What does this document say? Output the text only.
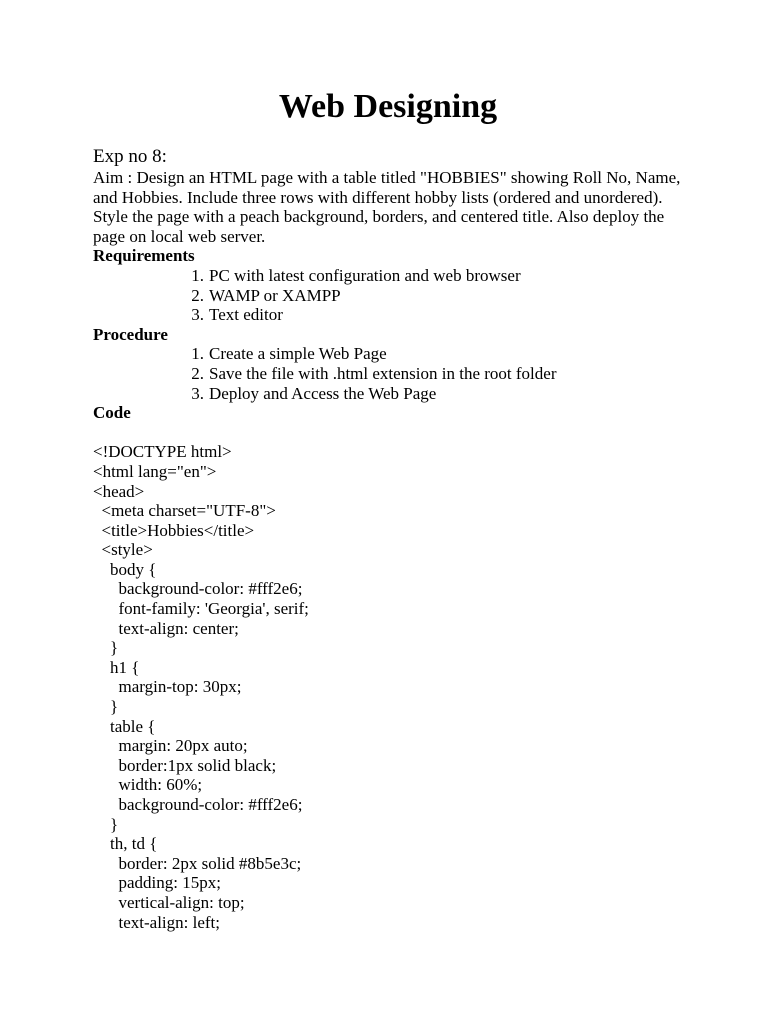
Web Designing

Exp no 8:

Aim : Design an HTML page with a table titled "HOBBIES" showing Roll No, Name, and Hobbies. Include three rows with different hobby lists (ordered and unordered). Style the page with a peach background, borders, and centered title. Also deploy the page on local web server.

Requirements

1. PC with latest configuration and web browser
2. WAMP or XAMPP
3. Text editor

Procedure

1. Create a simple Web Page
2. Save the file with .html extension in the root folder
3. Deploy and Access the Web Page

Code

<!DOCTYPE html>

<html lang="en">

<head>

<meta charset="UTF-8">

<title>Hobbies</title>

<style>

body {

background-color: #fff2e6;

font-family: 'Georgia', serif;

text-align: center;

}

h1 {

margin-top: 30px;

}

table {

margin: 20px auto;

border:1px solid black;

width: 60%;

background-color: #fff2e6;

}

th, td {

border: 2px solid #8b5e3c;

padding: 15px;

vertical-align: top;

text-align: left;
